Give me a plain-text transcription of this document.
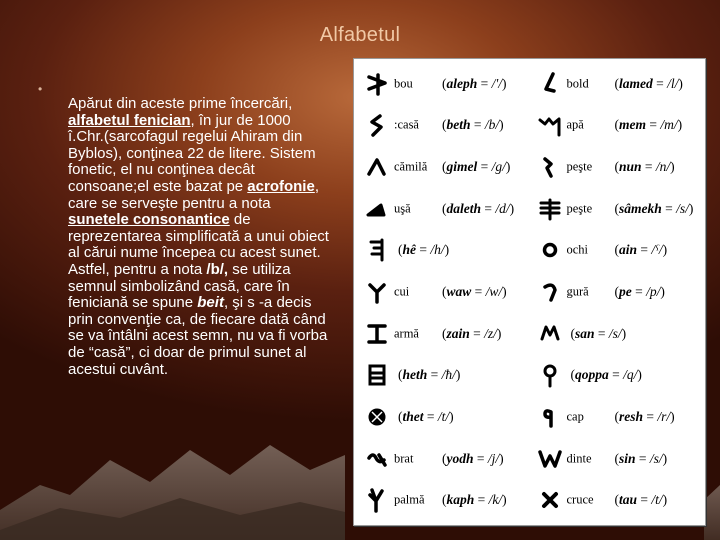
Alfabetul
•
Apărut din aceste prime încercări, alfabetul fenician, în jur de 1000 î.Chr.(sarcofagul regelui Ahiram din Byblos), conţinea 22 de litere. Sistem fonetic, el nu conţinea decât consoane;el este bazat pe acrofonie, care se serveşte pentru a nota sunetele consonantice de reprezentarea simplificată a unui obiect al cărui nume începea cu acest sunet. Astfel, pentru a nota /b/, se utiliza semnul simbolizând casă, care în feniciană se spune beit, şi s -a decis prin convenţie ca, de fiecare dată când se va întâlni acest semn, nu va fi vorba de “casă”, ci doar de primul sunet al acestui cuvânt.
bou (aleph = /'/)	bold (lamed = /l/)
:casă (beth = /b/)	apă (mem = /m/)
cămilă (gimel = /g/)	peşte (nun = /n/)
uşă (daleth = /d/)	peşte (sâmekh = /s/)
(hê = /h/)	ochi (ain = /ˁ/)
cui (waw = /w/)	gură (pe = /p/)
armă (zain = /z/)	(san = /s/)
(heth = /ħ/)	(qoppa = /q/)
(thet = /t/)	cap (resh = /r/)
brat (yodh = /j/)	dinte (sin = /s/)
palmă (kaph = /k/)	cruce (tau = /t/)
